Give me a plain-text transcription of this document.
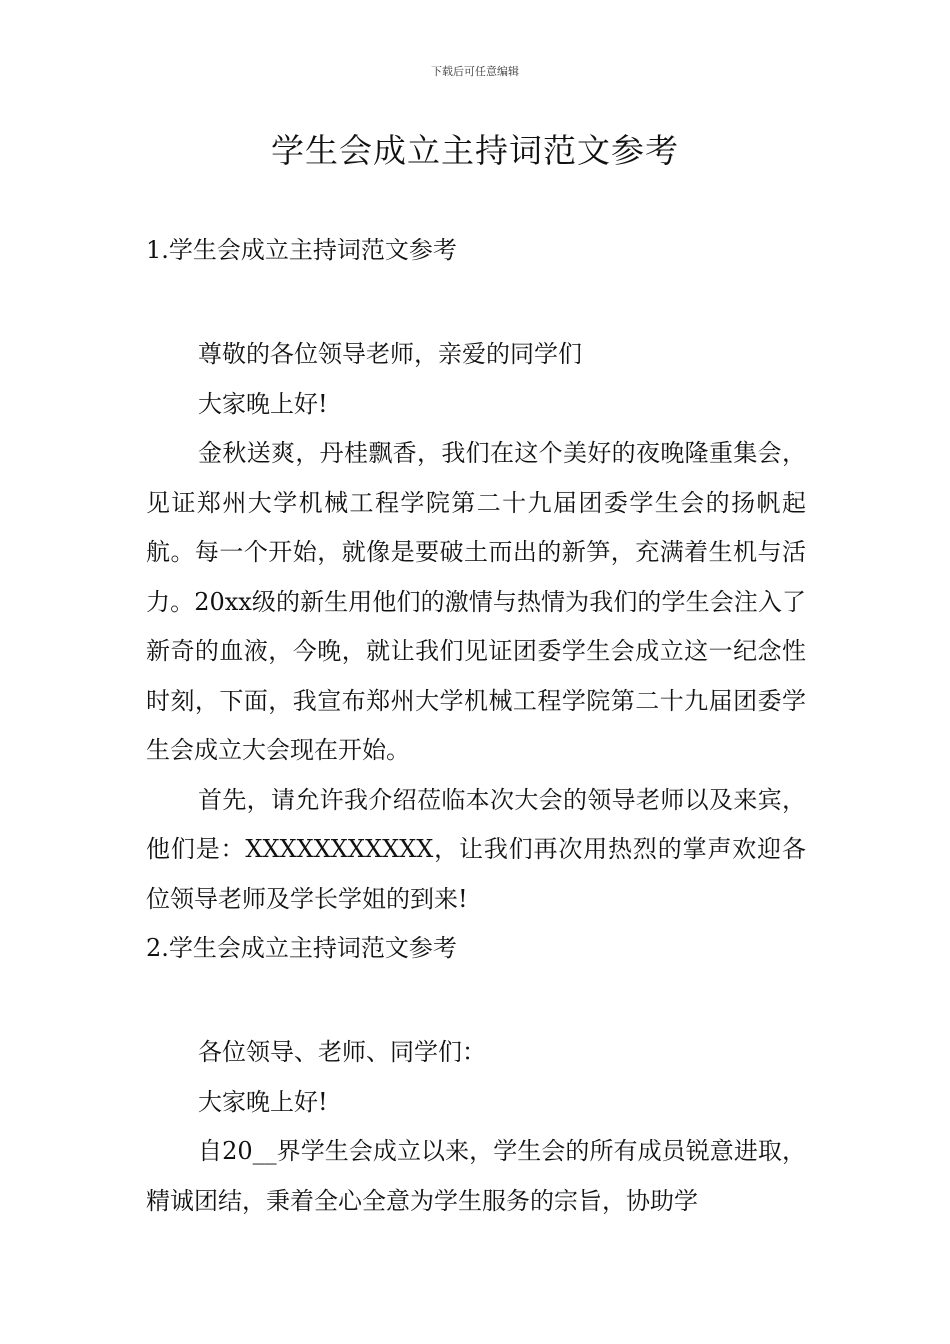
下载后可任意编辑
学生会成立主持词范文参考

1.学生会成立主持词范文参考

尊敬的各位领导老师，亲爱的同学们

大家晚上好!

金秋送爽，丹桂飘香，我们在这个美好的夜晚隆重集会，见证郑州大学机械工程学院第二十九届团委学生会的扬帆起航。每一个开始，就像是要破土而出的新笋，充满着生机与活力。20xx级的新生用他们的激情与热情为我们的学生会注入了新奇的血液，今晚，就让我们见证团委学生会成立这一纪念性时刻，下面，我宣布郑州大学机械工程学院第二十九届团委学生会成立大会现在开始。

首先，请允许我介绍莅临本次大会的领导老师以及来宾，他们是：XXXXXXXXXXX，让我们再次用热烈的掌声欢迎各位领导老师及学长学姐的到来!

2.学生会成立主持词范文参考

各位领导、老师、同学们：

大家晚上好!

自20__界学生会成立以来，学生会的所有成员锐意进取，精诚团结，秉着全心全意为学生服务的宗旨，协助学
